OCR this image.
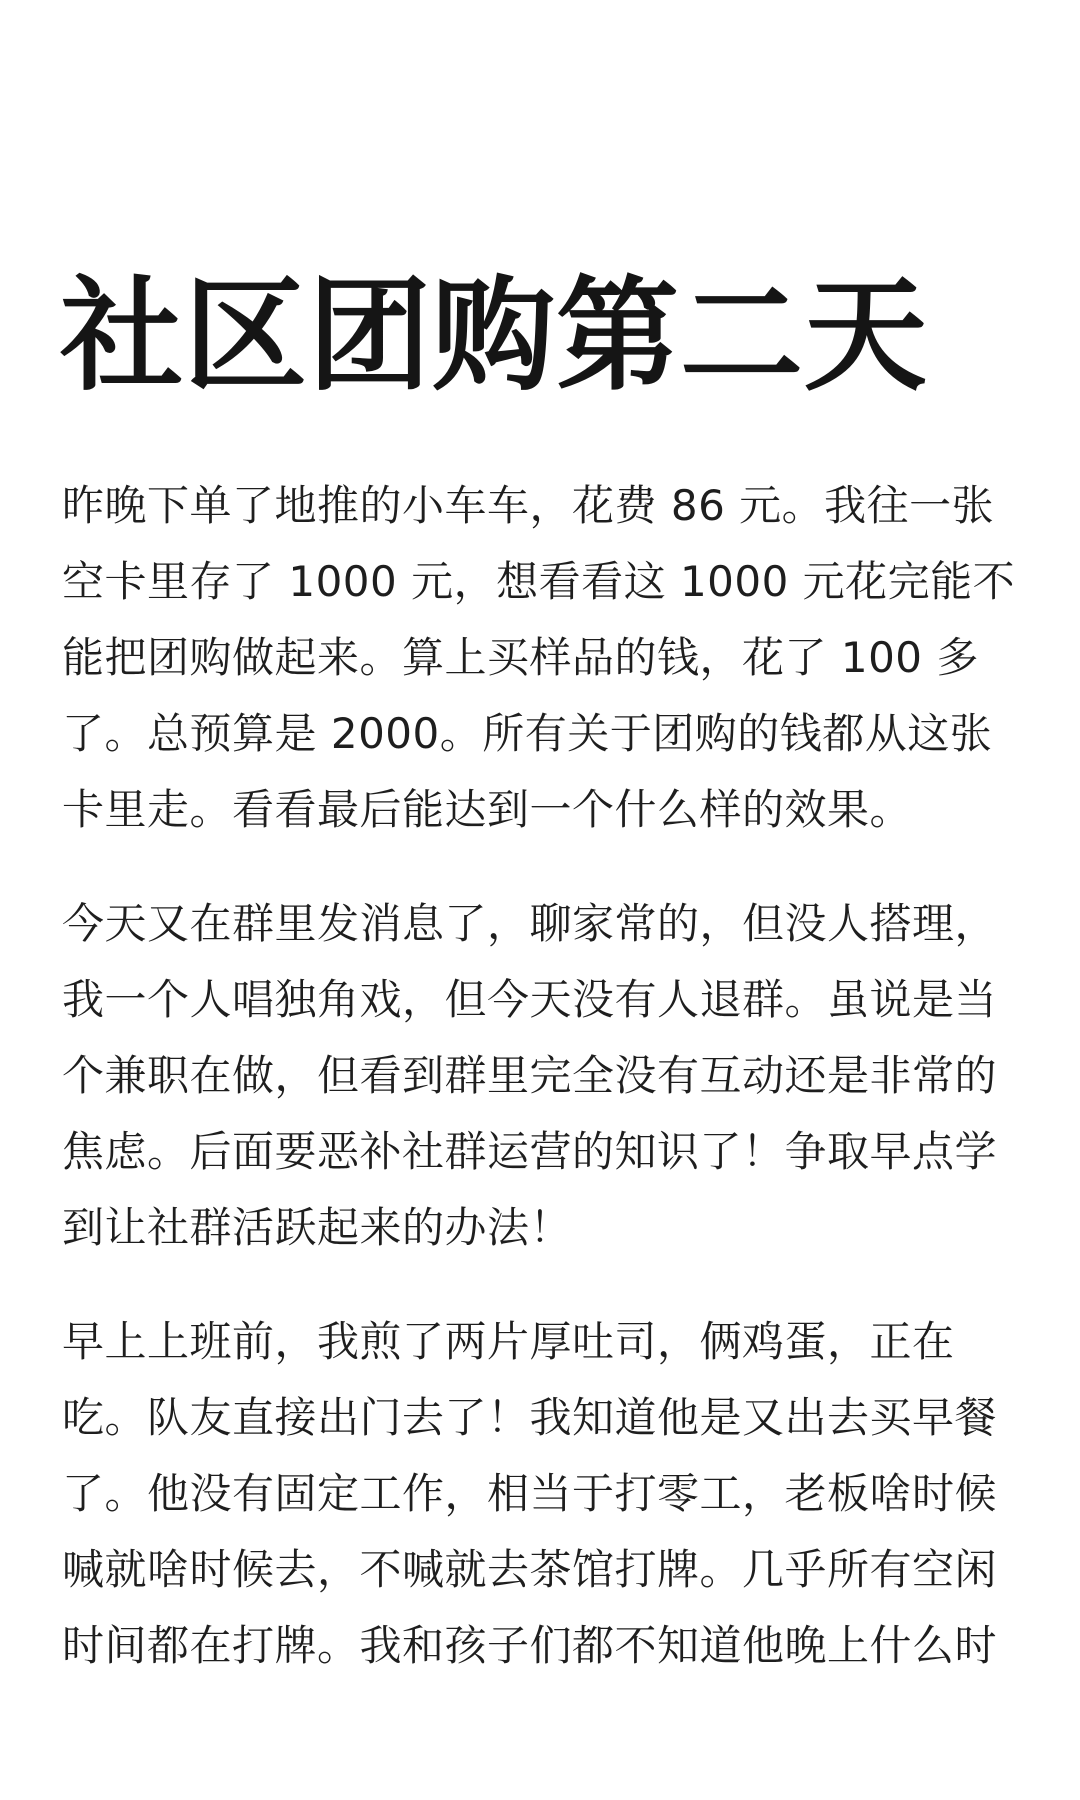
社区团购第二天
昨晚下单了地推的小车车，花费 86 元。我往一张
空卡里存了 1000 元，想看看这 1000 元花完能不
能把团购做起来。算上买样品的钱，花了 100 多
了。总预算是 2000。所有关于团购的钱都从这张
卡里走。看看最后能达到一个什么样的效果。
今天又在群里发消息了，聊家常的，但没人搭理，
我一个人唱独角戏，但今天没有人退群。虽说是当
个兼职在做，但看到群里完全没有互动还是非常的
焦虑。后面要恶补社群运营的知识了！争取早点学
到让社群活跃起来的办法！
早上上班前，我煎了两片厚吐司，俩鸡蛋，正在
吃。队友直接出门去了！我知道他是又出去买早餐
了。他没有固定工作，相当于打零工，老板啥时候
喊就啥时候去，不喊就去茶馆打牌。几乎所有空闲
时间都在打牌。我和孩子们都不知道他晚上什么时
